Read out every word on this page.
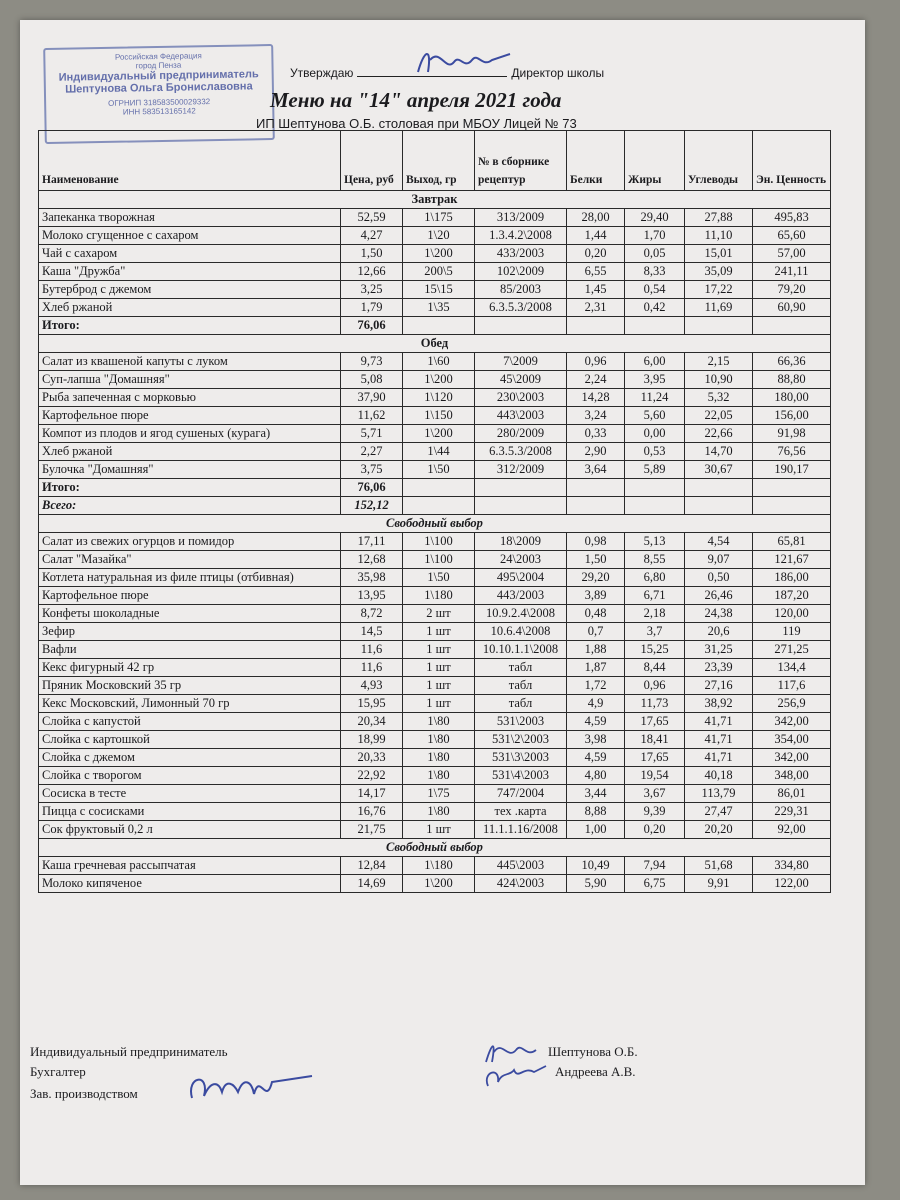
Российская Федерация
город Пенза
Индивидуальный предприниматель
Шептунова Ольга Брониславовна
ОГРНИП 318583500029332
ИНН 583513165142
Утверждаю	Директор школы
Меню на "14" апреля 2021 года
ИП Шептунова О.Б. столовая при МБОУ Лицей № 73
Наименование	Цена, руб	Выход, гр	№ в сборнике рецептур	Белки	Жиры	Углеводы	Эн. Ценность
Завтрак							
Запеканка творожная	52,59	1\175	313/2009	28,00	29,40	27,88	495,83
Молоко сгущенное с сахаром	4,27	1\20	1.3.4.2\2008	1,44	1,70	11,10	65,60
Чай с сахаром	1,50	1\200	433/2003	0,20	0,05	15,01	57,00
Каша "Дружба"	12,66	200\5	102\2009	6,55	8,33	35,09	241,11
Бутерброд с джемом	3,25	15\15	85/2003	1,45	0,54	17,22	79,20
Хлеб ржаной	1,79	1\35	6.3.5.3/2008	2,31	0,42	11,69	60,90
Итого:	76,06						
Обед							
Салат из квашеной капуты с луком	9,73	1\60	7\2009	0,96	6,00	2,15	66,36
Суп-лапша "Домашняя"	5,08	1\200	45\2009	2,24	3,95	10,90	88,80
Рыба запеченная с морковью	37,90	1\120	230\2003	14,28	11,24	5,32	180,00
Картофельное пюре	11,62	1\150	443\2003	3,24	5,60	22,05	156,00
Компот из плодов и ягод сушеных (курага)	5,71	1\200	280/2009	0,33	0,00	22,66	91,98
Хлеб ржаной	2,27	1\44	6.3.5.3/2008	2,90	0,53	14,70	76,56
Булочка "Домашняя"	3,75	1\50	312/2009	3,64	5,89	30,67	190,17
Итого:	76,06						
Всего:	152,12						
Свободный выбор							
Салат из свежих огурцов и помидор	17,11	1\100	18\2009	0,98	5,13	4,54	65,81
Салат "Мазайка"	12,68	1\100	24\2003	1,50	8,55	9,07	121,67
Котлета натуральная из филе птицы (отбивная)	35,98	1\50	495\2004	29,20	6,80	0,50	186,00
Картофельное пюре	13,95	1\180	443/2003	3,89	6,71	26,46	187,20
Конфеты шоколадные	8,72	2 шт	10.9.2.4\2008	0,48	2,18	24,38	120,00
Зефир	14,5	1 шт	10.6.4\2008	0,7	3,7	20,6	119
Вафли	11,6	1 шт	10.10.1.1\2008	1,88	15,25	31,25	271,25
Кекс фигурный 42 гр	11,6	1 шт	табл	1,87	8,44	23,39	134,4
Пряник Московский 35 гр	4,93	1 шт	табл	1,72	0,96	27,16	117,6
Кекс Московский, Лимонный 70 гр	15,95	1 шт	табл	4,9	11,73	38,92	256,9
Слойка с капустой	20,34	1\80	531\2003	4,59	17,65	41,71	342,00
Слойка с картошкой	18,99	1\80	531\2\2003	3,98	18,41	41,71	354,00
Слойка с джемом	20,33	1\80	531\3\2003	4,59	17,65	41,71	342,00
Слойка с творогом	22,92	1\80	531\4\2003	4,80	19,54	40,18	348,00
Сосиска в тесте	14,17	1\75	747/2004	3,44	3,67	113,79	86,01
Пицца с сосисками	16,76	1\80	тех .карта	8,88	9,39	27,47	229,31
Сок фруктовый 0,2 л	21,75	1 шт	11.1.1.16/2008	1,00	0,20	20,20	92,00
Свободный выбор							
Каша гречневая рассыпчатая	12,84	1\180	445\2003	10,49	7,94	51,68	334,80
Молоко кипяченое	14,69	1\200	424\2003	5,90	6,75	9,91	122,00
Индивидуальный предприниматель	Шептунова О.Б.
Бухгалтер	Андреева А.В.
Зав. производством
